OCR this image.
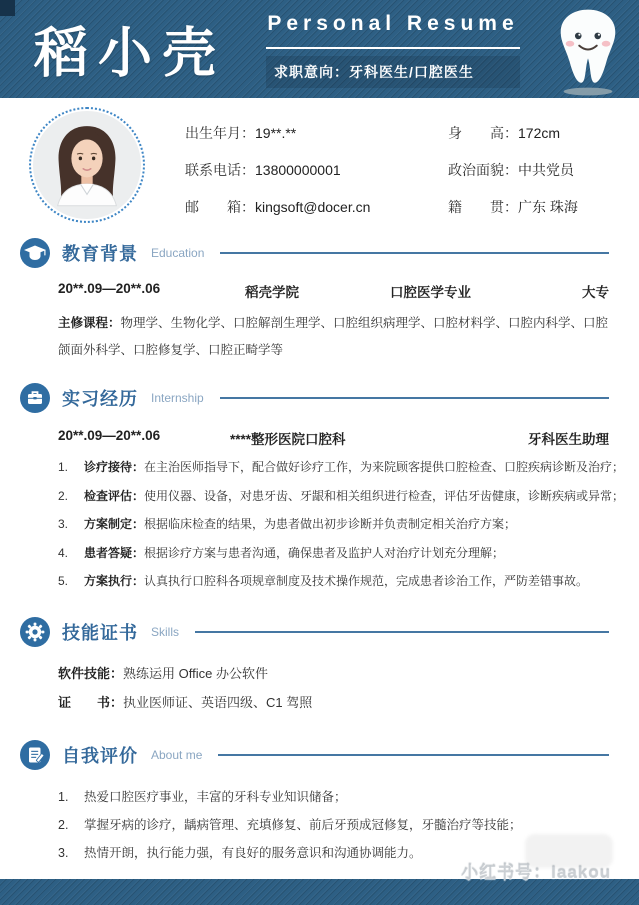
稻小壳 Personal Resume
求职意向：牙科医生/口腔医生
出生年月：19**.**
联系电话：13800000001
邮　　箱：kingsoft@docer.cn
身　　高：172cm
政治面貌：中共党员
籍　　贯：广东 珠海
教育背景 Education
20**.09—20**.06	稻壳学院	口腔医学专业	大专
主修课程：物理学、生物化学、口腔解剖生理学、口腔组织病理学、口腔材料学、口腔内科学、口腔颌面外科学、口腔修复学、口腔正畸学等
实习经历 Internship
20**.09—20**.06	****整形医院口腔科	牙科医生助理
1.	诊疗接待： 在主治医师指导下，配合做好诊疗工作，为来院顾客提供口腔检查、口腔疾病诊断及治疗；
2.	检查评估： 使用仪器、设备，对患牙齿、牙龈和相关组织进行检查，评估牙齿健康，诊断疾病或异常；
3.	方案制定： 根据临床检查的结果，为患者做出初步诊断并负责制定相关治疗方案；
4.	患者答疑： 根据诊疗方案与患者沟通，确保患者及监护人对治疗计划充分理解；
5.	方案执行： 认真执行口腔科各项规章制度及技术操作规范，完成患者诊治工作，严防差错事故。
技能证书 Skills
软件技能： 熟练运用 Office 办公软件
证　　书： 执业医师证、英语四级、C1 驾照
自我评价 About me
1.	热爱口腔医疗事业，丰富的牙科专业知识储备；
2.	掌握牙病的诊疗，龋病管理、充填修复、前后牙预成冠修复，牙髓治疗等技能；
3.	热情开朗，执行能力强，有良好的服务意识和沟通协调能力。
小红书号：laakou
